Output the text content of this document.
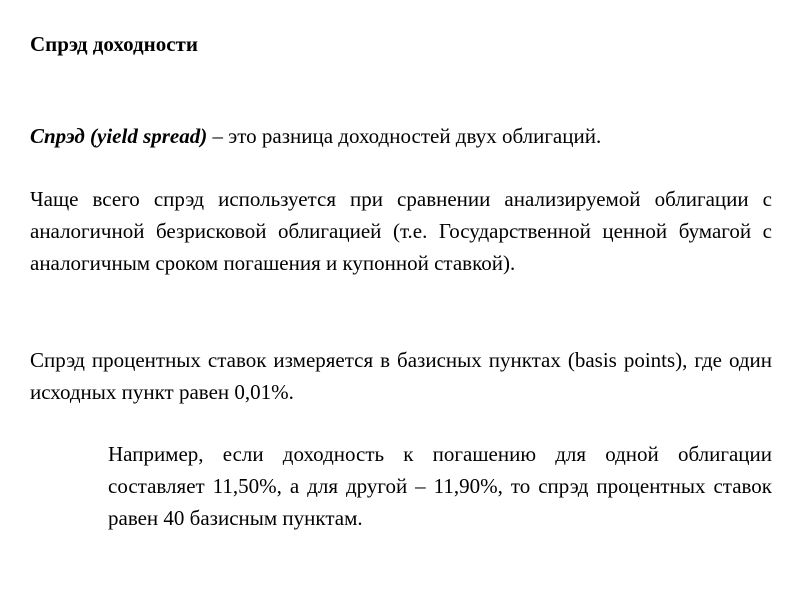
Спрэд доходности
Спрэд (yield spread) – это разница доходностей двух облигаций.
Чаще всего спрэд используется при сравнении анализируемой облигации с аналогичной безрисковой облигацией (т.е. Государственной ценной бумагой с аналогичным сроком погашения и купонной ставкой).
Спрэд процентных ставок измеряется в базисных пунктах (basis points), где один исходных пункт равен 0,01%.
Например, если доходность к погашению для одной облигации составляет 11,50%, а для другой – 11,90%, то спрэд процентных ставок равен 40 базисным пунктам.
